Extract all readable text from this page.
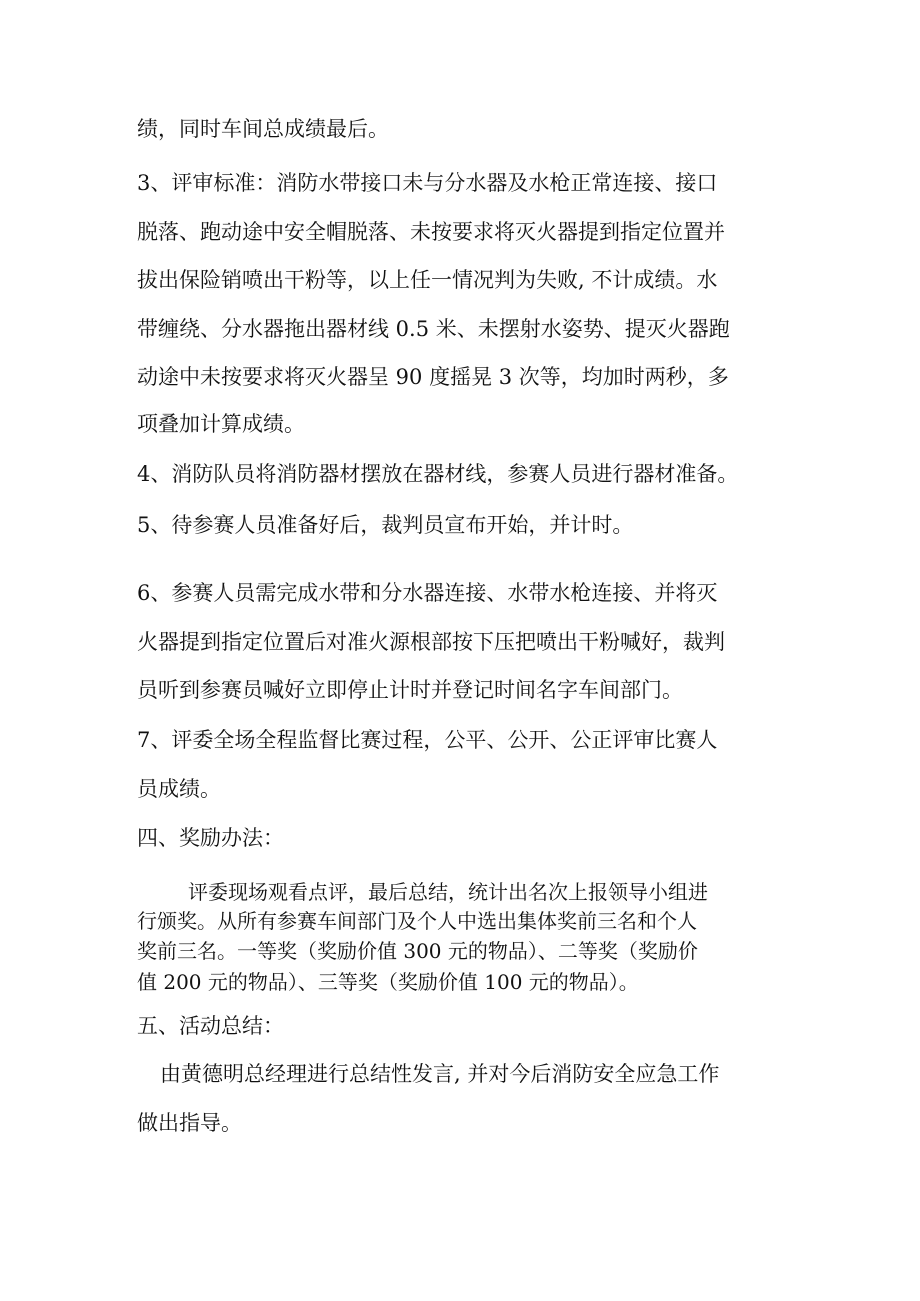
绩，同时车间总成绩最后。
3、评审标准：消防水带接口未与分水器及水枪正常连接、接口
脱落、跑动途中安全帽脱落、未按要求将灭火器提到指定位置并
拔出保险销喷出干粉等，以上任一情况判为失败, 不计成绩。水
带缠绕、分水器拖出器材线 0.5 米、未摆射水姿势、提灭火器跑
动途中未按要求将灭火器呈 90 度摇晃 3 次等，均加时两秒，多
项叠加计算成绩。
4、消防队员将消防器材摆放在器材线，参赛人员进行器材准备。
5、待参赛人员准备好后，裁判员宣布开始，并计时。
6、参赛人员需完成水带和分水器连接、水带水枪连接、并将灭
火器提到指定位置后对准火源根部按下压把喷出干粉喊好，裁判
员听到参赛员喊好立即停止计时并登记时间名字车间部门。
7、评委全场全程监督比赛过程，公平、公开、公正评审比赛人
员成绩。
四、奖励办法：
评委现场观看点评，最后总结，统计出名次上报领导小组进
行颁奖。从所有参赛车间部门及个人中选出集体奖前三名和个人
奖前三名。一等奖（奖励价值 300 元的物品）、二等奖（奖励价
值 200 元的物品）、三等奖（奖励价值 100 元的物品）。
五、活动总结：
由黄德明总经理进行总结性发言, 并对今后消防安全应急工作
做出指导。
